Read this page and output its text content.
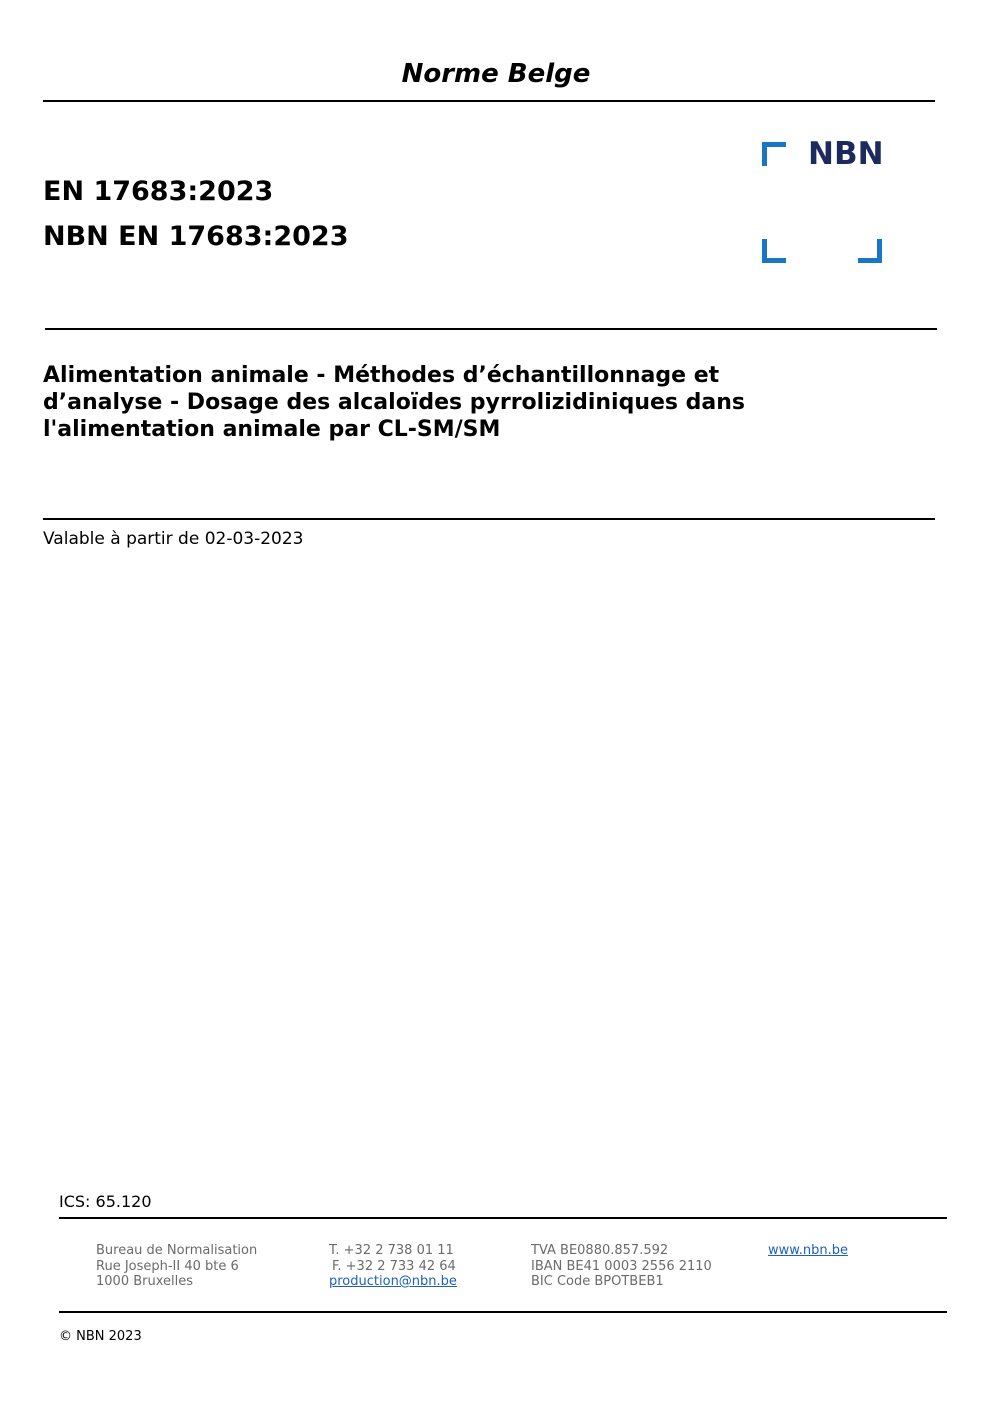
Norme Belge
EN 17683:2023
NBN EN 17683:2023
NBN
Alimentation animale - Méthodes d’échantillonnage et
d’analyse - Dosage des alcaloïdes pyrrolizidiniques dans
l'alimentation animale par CL-SM/SM
Valable à partir de 02-03-2023
ICS: 65.120
Bureau de Normalisation
Rue Joseph-II 40 bte 6
1000 Bruxelles
T. +32 2 738 01 11
F. +32 2 733 42 64
production@nbn.be
TVA BE0880.857.592
IBAN BE41 0003 2556 2110
BIC Code BPOTBEB1
www.nbn.be
© NBN 2023
